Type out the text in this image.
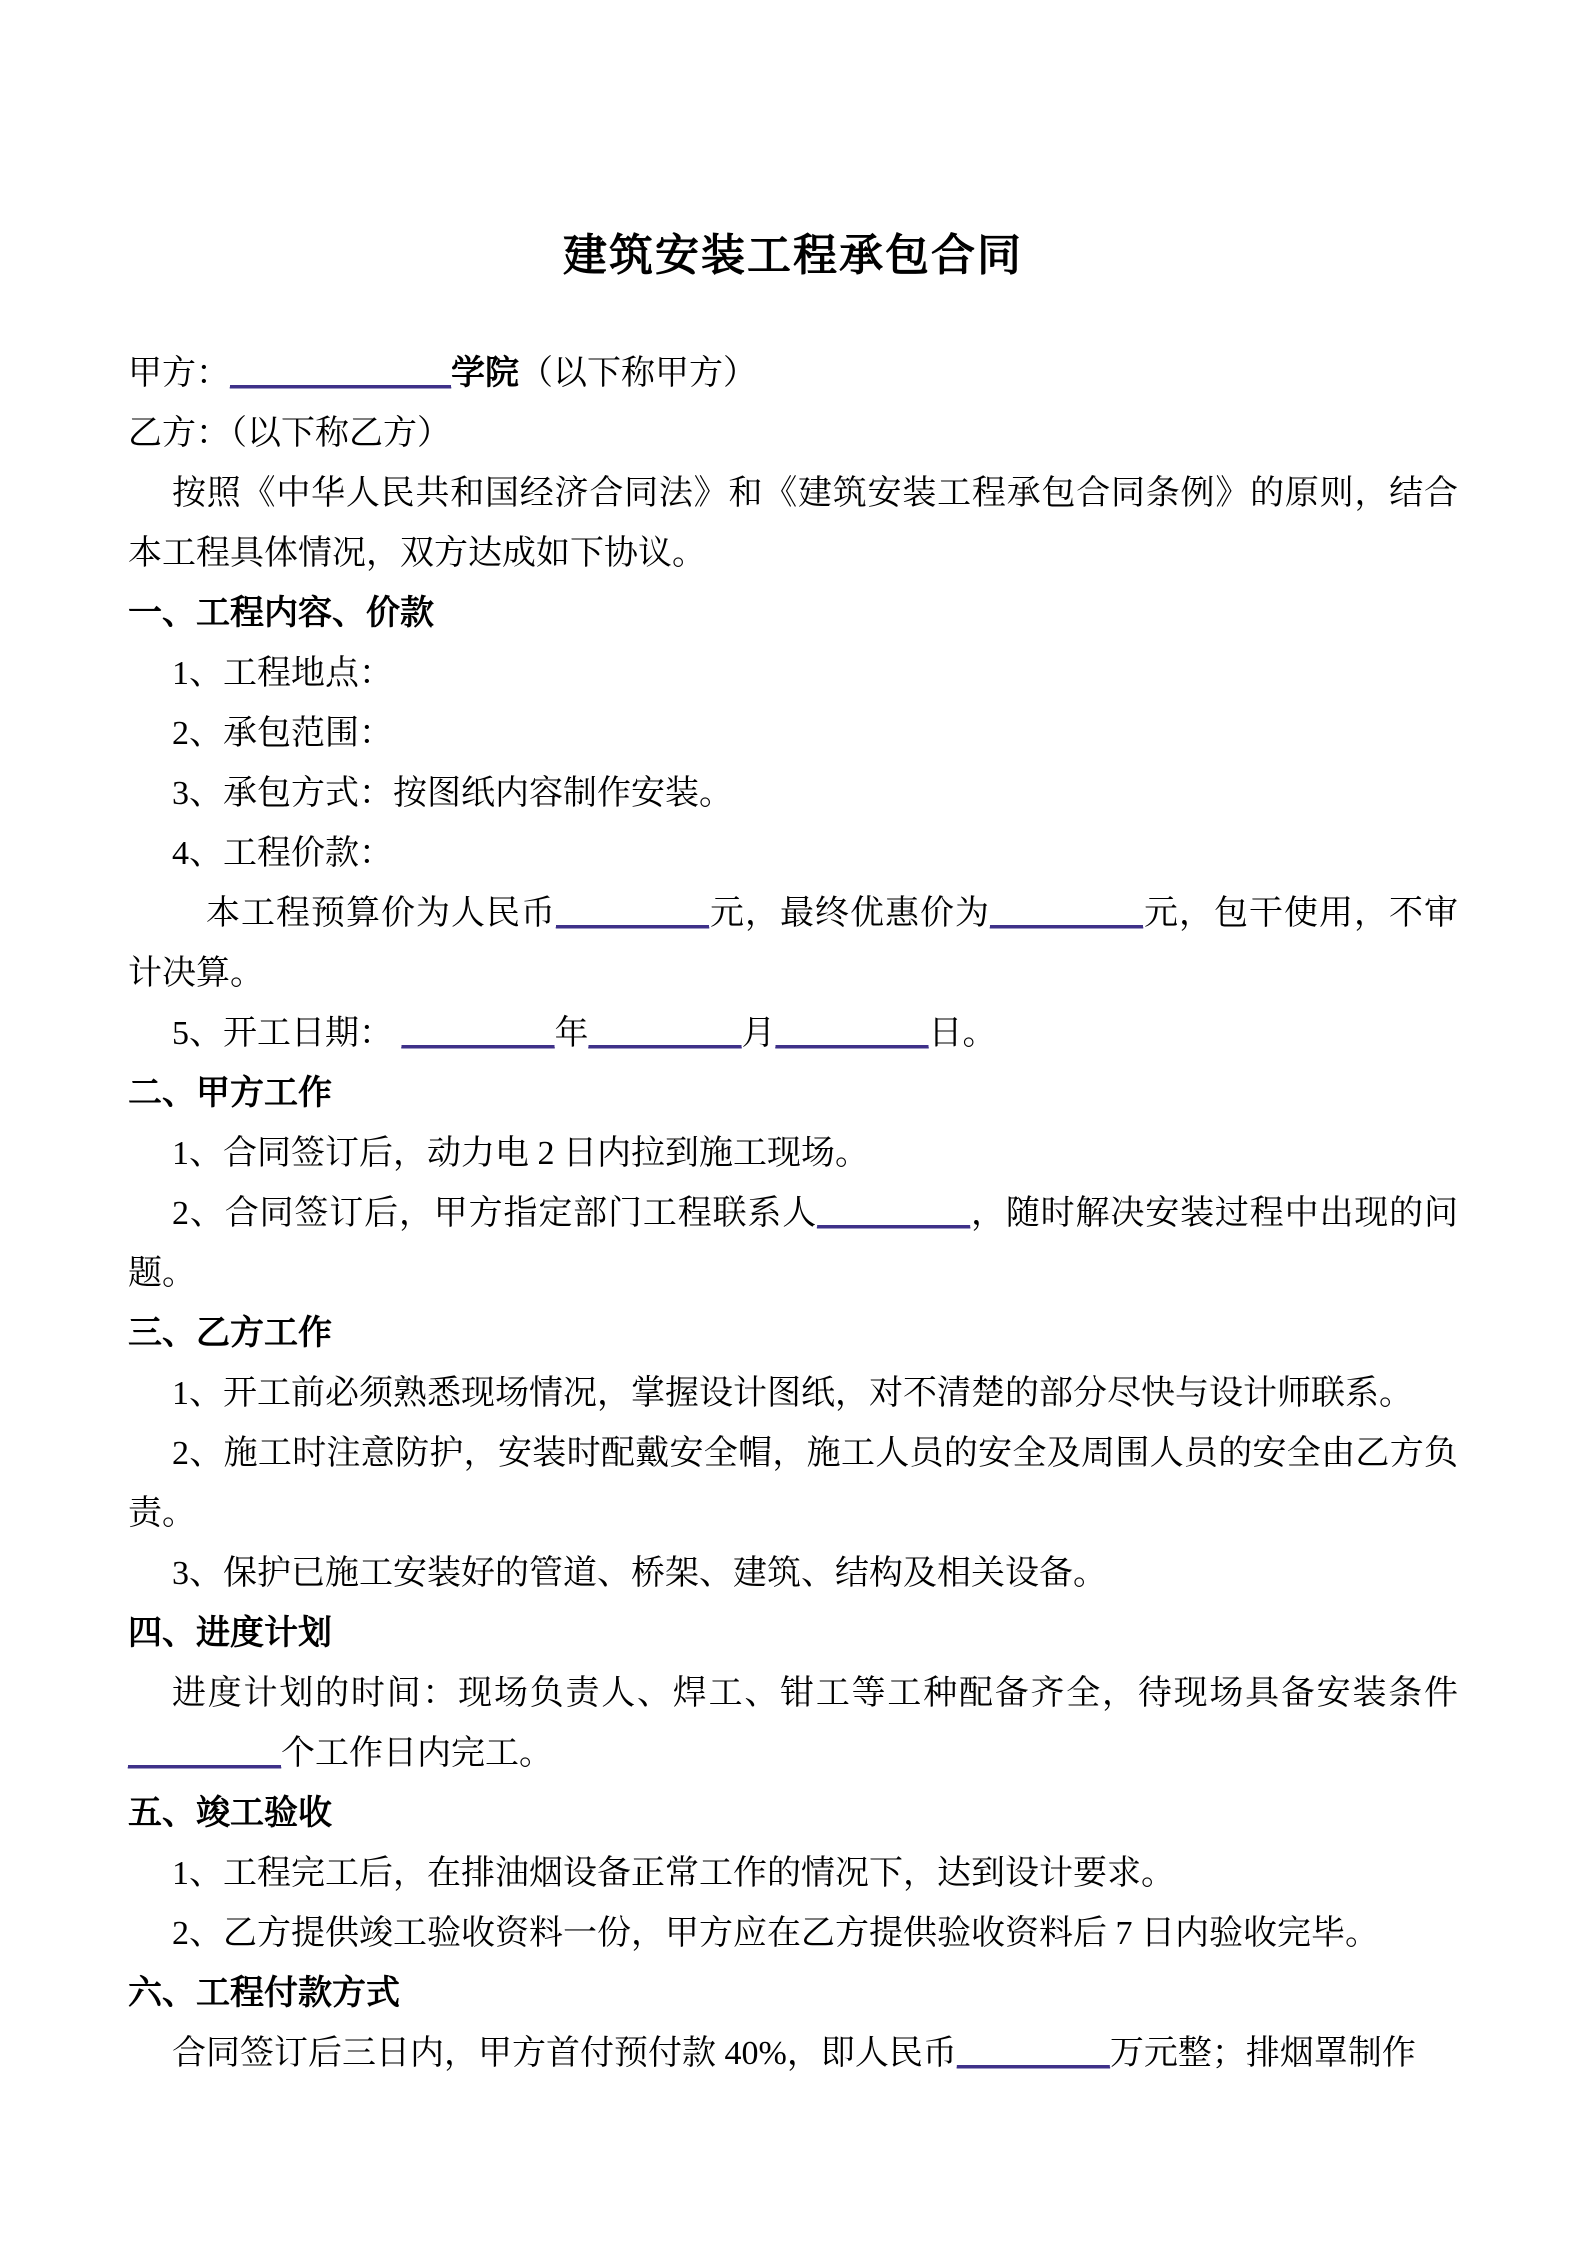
建筑安装工程承包合同

甲方：_____________学院（以下称甲方）

乙方：（以下称乙方）

按照《中华人民共和国经济合同法》和《建筑安装工程承包合同条例》的原则，结合本工程具体情况，双方达成如下协议。

一、工程内容、价款

1、工程地点：

2、承包范围：

3、承包方式：按图纸内容制作安装。

4、工程价款：

本工程预算价为人民币_________元，最终优惠价为_________元，包干使用，不审计决算。

5、开工日期： _________年_________月_________日。

二、甲方工作

1、合同签订后，动力电 2 日内拉到施工现场。

2、合同签订后，甲方指定部门工程联系人_________，随时解决安装过程中出现的问题。

三、乙方工作

1、开工前必须熟悉现场情况，掌握设计图纸，对不清楚的部分尽快与设计师联系。

2、施工时注意防护，安装时配戴安全帽，施工人员的安全及周围人员的安全由乙方负责。

3、保护已施工安装好的管道、桥架、建筑、结构及相关设备。

四、进度计划

进度计划的时间：现场负责人、焊工、钳工等工种配备齐全，待现场具备安装条件_________个工作日内完工。

五、竣工验收

1、工程完工后，在排油烟设备正常工作的情况下，达到设计要求。

2、乙方提供竣工验收资料一份，甲方应在乙方提供验收资料后 7 日内验收完毕。

六、工程付款方式

合同签订后三日内，甲方首付预付款 40%，即人民币_________万元整；排烟罩制作
